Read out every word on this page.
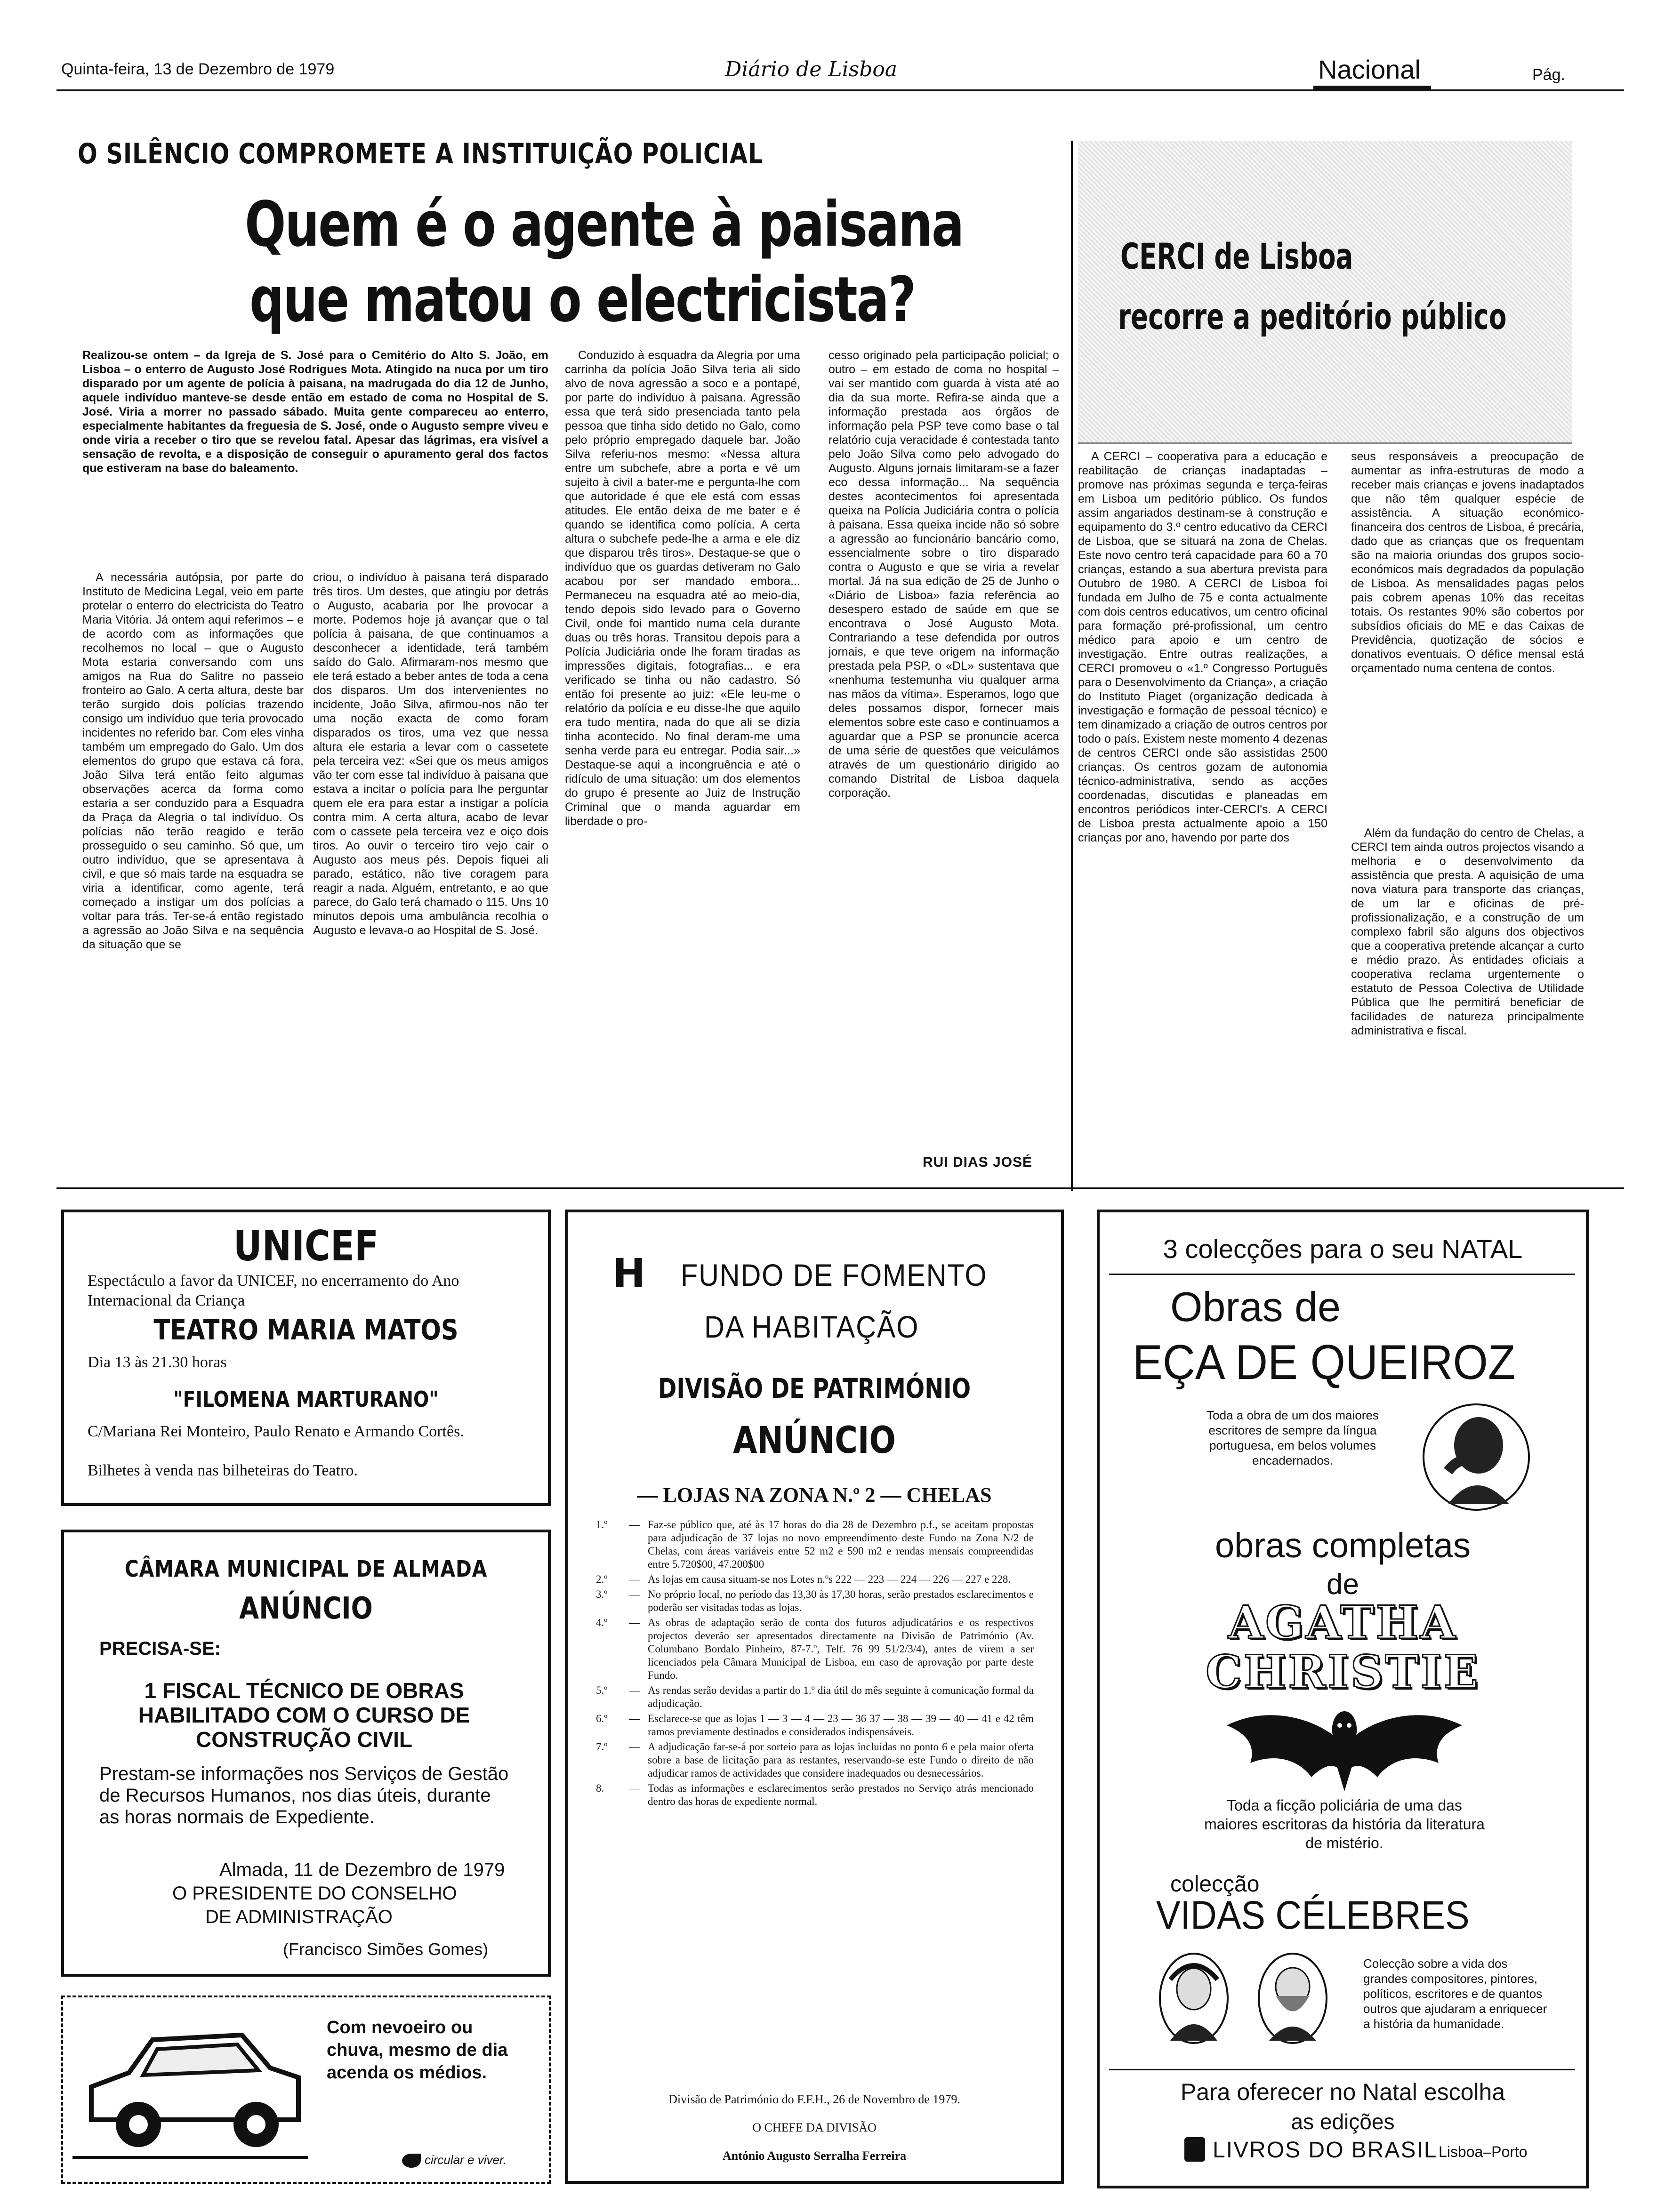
Quinta-feira, 13 de Dezembro de 1979	Diário de Lisboa	Nacional	Pág.
O SILÊNCIO COMPROMETE A INSTITUIÇÃO POLICIAL
Quem é o agente à paisana
que matou o electricista?
Realizou-se ontem – da Igreja de S. José para o Cemitério do Alto S. João, em Lisboa – o enterro de Augusto José Rodrigues Mota. Atingido na nuca por um tiro disparado por um agente de polícia à paisana, na madrugada do dia 12 de Junho, aquele indivíduo manteve-se desde então em estado de coma no Hospital de S. José. Viria a morrer no passado sábado. Muita gente compareceu ao enterro, especialmente habitantes da freguesia de S. José, onde o Augusto sempre viveu e onde viria a receber o tiro que se revelou fatal. Apesar das lágrimas, era visível a sensação de revolta, e a disposição de conseguir o apuramento geral dos factos que estiveram na base do baleamento.
A necessária autópsia, por parte do Instituto de Medicina Legal, veio em parte protelar o enterro do electricista do Teatro Maria Vitória. Já ontem aqui referimos – e de acordo com as informações que recolhemos no local – que o Augusto Mota estaria conversando com uns amigos na Rua do Salitre no passeio fronteiro ao Galo. A certa altura, deste bar terão surgido dois polícias trazendo consigo um indivíduo que teria provocado incidentes no referido bar. Com eles vinha também um empregado do Galo. Um dos elementos do grupo que estava cá fora, João Silva terá então feito algumas observações acerca da forma como estaria a ser conduzido para a Esquadra da Praça da Alegria o tal indivíduo. Os polícias não terão reagido e terão prosseguido o seu caminho. Só que, um outro indivíduo, que se apresentava à civil, e que só mais tarde na esquadra se viria a identificar, como agente, terá começado a instigar um dos polícias a voltar para trás. Ter-se-á então registado a agressão ao João Silva e na sequência da situação que se
criou, o indivíduo à paisana terá disparado três tiros. Um destes, que atingiu por detrás o Augusto, acabaria por lhe provocar a morte. Podemos hoje já avançar que o tal polícia à paisana, de que continuamos a desconhecer a identidade, terá também saído do Galo. Afirmaram-nos mesmo que ele terá estado a beber antes de toda a cena dos disparos. Um dos intervenientes no incidente, João Silva, afirmou-nos não ter uma noção exacta de como foram disparados os tiros, uma vez que nessa altura ele estaria a levar com o cassetete pela terceira vez: «Sei que os meus amigos vão ter com esse tal indivíduo à paisana que estava a incitar o polícia para lhe perguntar quem ele era para estar a instigar a polícia contra mim. A certa altura, acabo de levar com o cassete pela terceira vez e oiço dois tiros. Ao ouvir o terceiro tiro vejo cair o Augusto aos meus pés. Depois fiquei ali parado, estático, não tive coragem para reagir a nada. Alguém, entretanto, e ao que parece, do Galo terá chamado o 115. Uns 10 minutos depois uma ambulância recolhia o Augusto e levava-o ao Hospital de S. José.
Conduzido à esquadra da Alegria por uma carrinha da polícia João Silva teria ali sido alvo de nova agressão a soco e a pontapé, por parte do indivíduo à paisana. Agressão essa que terá sido presenciada tanto pela pessoa que tinha sido detido no Galo, como pelo próprio empregado daquele bar. João Silva referiu-nos mesmo: «Nessa altura entre um subchefe, abre a porta e vê um sujeito à civil a bater-me e pergunta-lhe com que autoridade é que ele está com essas atitudes. Ele então deixa de me bater e é quando se identifica como polícia. A certa altura o subchefe pede-lhe a arma e ele diz que disparou três tiros». Destaque-se que o indivíduo que os guardas detiveram no Galo acabou por ser mandado embora... Permaneceu na esquadra até ao meio-dia, tendo depois sido levado para o Governo Civil, onde foi mantido numa cela durante duas ou três horas. Transitou depois para a Polícia Judiciária onde lhe foram tiradas as impressões digitais, fotografias... e era verificado se tinha ou não cadastro. Só então foi presente ao juiz: «Ele leu-me o relatório da polícia e eu disse-lhe que aquilo era tudo mentira, nada do que ali se dizia tinha acontecido. No final deram-me uma senha verde para eu entregar. Podia sair...» Destaque-se aqui a incongruência e até o ridículo de uma situação: um dos elementos do grupo é presente ao Juiz de Instrução Criminal que o manda aguardar em liberdade o pro-
cesso originado pela participação policial; o outro – em estado de coma no hospital – vai ser mantido com guarda à vista até ao dia da sua morte. Refira-se ainda que a informação prestada aos órgãos de informação pela PSP teve como base o tal relatório cuja veracidade é contestada tanto pelo João Silva como pelo advogado do Augusto. Alguns jornais limitaram-se a fazer eco dessa informação... Na sequência destes acontecimentos foi apresentada queixa na Polícia Judiciária contra o polícia à paisana. Essa queixa incide não só sobre a agressão ao funcionário bancário como, essencialmente sobre o tiro disparado contra o Augusto e que se viria a revelar mortal. Já na sua edição de 25 de Junho o «Diário de Lisboa» fazia referência ao desespero estado de saúde em que se encontrava o José Augusto Mota. Contrariando a tese defendida por outros jornais, e que teve origem na informação prestada pela PSP, o «DL» sustentava que «nenhuma testemunha viu qualquer arma nas mãos da vítima». Esperamos, logo que deles possamos dispor, fornecer mais elementos sobre este caso e continuamos a aguardar que a PSP se pronuncie acerca de uma série de questões que veiculámos através de um questionário dirigido ao comando Distrital de Lisboa daquela corporação.
RUI DIAS JOSÉ
CERCI de Lisboa
recorre a peditório público
A CERCI – cooperativa para a educação e reabilitação de crianças inadaptadas – promove nas próximas segunda e terça-feiras em Lisboa um peditório público. Os fundos assim angariados destinam-se à construção e equipamento do 3.º centro educativo da CERCI de Lisboa, que se situará na zona de Chelas. Este novo centro terá capacidade para 60 a 70 crianças, estando a sua abertura prevista para Outubro de 1980. A CERCI de Lisboa foi fundada em Julho de 75 e conta actualmente com dois centros educativos, um centro oficinal para formação pré-profissional, um centro médico para apoio e um centro de investigação. Entre outras realizações, a CERCI promoveu o «1.º Congresso Português para o Desenvolvimento da Criança», a criação do Instituto Piaget (organização dedicada à investigação e formação de pessoal técnico) e tem dinamizado a criação de outros centros por todo o país. Existem neste momento 4 dezenas de centros CERCI onde são assistidas 2500 crianças. Os centros gozam de autonomia técnico-administrativa, sendo as acções coordenadas, discutidas e planeadas em encontros periódicos inter-CERCI's. A CERCI de Lisboa presta actualmente apoio a 150 crianças por ano, havendo por parte dos
seus responsáveis a preocupação de aumentar as infra-estruturas de modo a receber mais crianças e jovens inadaptados que não têm qualquer espécie de assistência. A situação económico-financeira dos centros de Lisboa, é precária, dado que as crianças que os frequentam são na maioria oriundas dos grupos socio-económicos mais degradados da população de Lisboa. As mensalidades pagas pelos pais cobrem apenas 10% das receitas totais. Os restantes 90% são cobertos por subsídios oficiais do ME e das Caixas de Previdência, quotização de sócios e donativos eventuais. O défice mensal está orçamentado numa centena de contos.
Além da fundação do centro de Chelas, a CERCI tem ainda outros projectos visando a melhoria e o desenvolvimento da assistência que presta. A aquisição de uma nova viatura para transporte das crianças, de um lar e oficinas de pré-profissionalização, e a construção de um complexo fabril são alguns dos objectivos que a cooperativa pretende alcançar a curto e médio prazo. Às entidades oficiais a cooperativa reclama urgentemente o estatuto de Pessoa Colectiva de Utilidade Pública que lhe permitirá beneficiar de facilidades de natureza principalmente administrativa e fiscal.
UNICEF
Espectáculo a favor da UNICEF, no encerramento do Ano Internacional da Criança
TEATRO MARIA MATOS
Dia 13 às 21.30 horas
"FILOMENA MARTURANO"
C/Mariana Rei Monteiro, Paulo Renato e Armando Cortês.
Bilhetes à venda nas bilheteiras do Teatro.
CÂMARA MUNICIPAL DE ALMADA
ANÚNCIO
PRECISA-SE:
1 FISCAL TÉCNICO DE OBRAS HABILITADO COM O CURSO DE CONSTRUÇÃO CIVIL
Prestam-se informações nos Serviços de Gestão de Recursos Humanos, nos dias úteis, durante as horas normais de Expediente.
Almada, 11 de Dezembro de 1979
O PRESIDENTE DO CONSELHO
DE ADMINISTRAÇÃO
(Francisco Simões Gomes)
Com nevoeiro ou chuva, mesmo de dia acenda os médios.
circular e viver.
H FUNDO DE FOMENTO
DA HABITAÇÃO
DIVISÃO DE PATRIMÓNIO
ANÚNCIO
— LOJAS NA ZONA N.º 2 — CHELAS
1.º	— Faz-se público que, até às 17 horas do dia 28 de Dezembro p.f., se aceitam propostas para adjudicação de 37 lojas no novo empreendimento deste Fundo na Zona N/2 de Chelas, com áreas variáveis entre 52 m2 e 590 m2 e rendas mensais compreendidas entre 5.720$00, 47.200$00
2.º	— As lojas em causa situam-se nos Lotes n.ºs 222 — 223 — 224 — 226 — 227 e 228.
3.º	— No próprio local, no período das 13,30 às 17,30 horas, serão prestados esclarecimentos e poderão ser visitadas todas as lojas.
4.º	— As obras de adaptação serão de conta dos futuros adjudicatários e os respectivos projectos deverão ser apresentados directamente na Divisão de Património (Av. Columbano Bordalo Pinheiro, 87-7.º, Telf. 76 99 51/2/3/4), antes de virem a ser licenciados pela Câmara Municipal de Lisboa, em caso de aprovação por parte deste Fundo.
5.º	— As rendas serão devidas a partir do 1.º dia útil do mês seguinte à comunicação formal da adjudicação.
6.º	— Esclarece-se que as lojas 1 — 3 — 4 — 23 — 36 37 — 38 — 39 — 40 — 41 e 42 têm ramos previamente destinados e considerados indispensáveis.
7.º	— A adjudicação far-se-á por sorteio para as lojas incluídas no ponto 6 e pela maior oferta sobre a base de licitação para as restantes, reservando-se este Fundo o direito de não adjudicar ramos de actividades que considere inadequados ou desnecessários.
8.	— Todas as informações e esclarecimentos serão prestados no Serviço atrás mencionado dentro das horas de expediente normal.
Divisão de Património do F.F.H., 26 de Novembro de 1979.
O CHEFE DA DIVISÃO
António Augusto Serralha Ferreira
3 colecções para o seu NATAL
Obras de
EÇA DE QUEIROZ
Toda a obra de um dos maiores escritores de sempre da língua portuguesa, em belos volumes encadernados.
obras completas
de
AGATHA
CHRISTIE
Toda a ficção policiária de uma das maiores escritoras da história da literatura de mistério.
colecção
VIDAS CÉLEBRES
Colecção sobre a vida dos grandes compositores, pintores, políticos, escritores e de quantos outros que ajudaram a enriquecer a história da humanidade.
Para oferecer no Natal escolha
as edições
LIVROS DO BRASIL Lisboa–Porto
